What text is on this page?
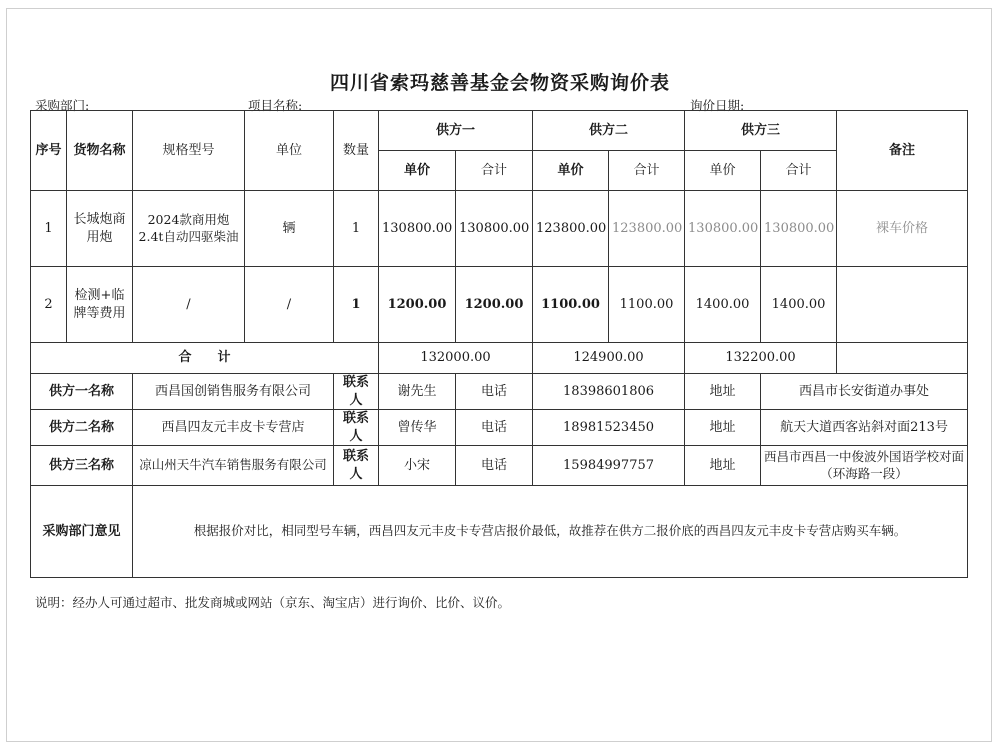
四川省索玛慈善基金会物资采购询价表
采购部门:	项目名称:	询价日期:
序号	货物名称	规格型号	单位	数量	供方一		供方二		供方三		备注
					单价	合计	单价	合计	单价	合计	
1	长城炮商用炮	2024款商用炮2.4t自动四驱柴油	辆	1	130800.00	130800.00	123800.00	123800.00	130800.00	130800.00	裸车价格
2	检测+临牌等费用	/	/	1	1200.00	1200.00	1100.00	1100.00	1400.00	1400.00	
合　　计					132000.00		124900.00		132200.00		
供方一名称		西昌国创销售服务有限公司		联系人	谢先生	电话	18398601806		地址	西昌市长安街道办事处	
供方二名称		西昌四友元丰皮卡专营店		联系人	曾传华	电话	18981523450		地址	航天大道西客站斜对面213号	
供方三名称		凉山州天牛汽车销售服务有限公司		联系人	小宋	电话	15984997757		地址	西昌市西昌一中俊波外国语学校对面（环海路一段）	
采购部门意见		根据报价对比，相同型号车辆，西昌四友元丰皮卡专营店报价最低，故推荐在供方二报价底的西昌四友元丰皮卡专营店购买车辆。									
说明：经办人可通过超市、批发商城或网站（京东、淘宝店）进行询价、比价、议价。
